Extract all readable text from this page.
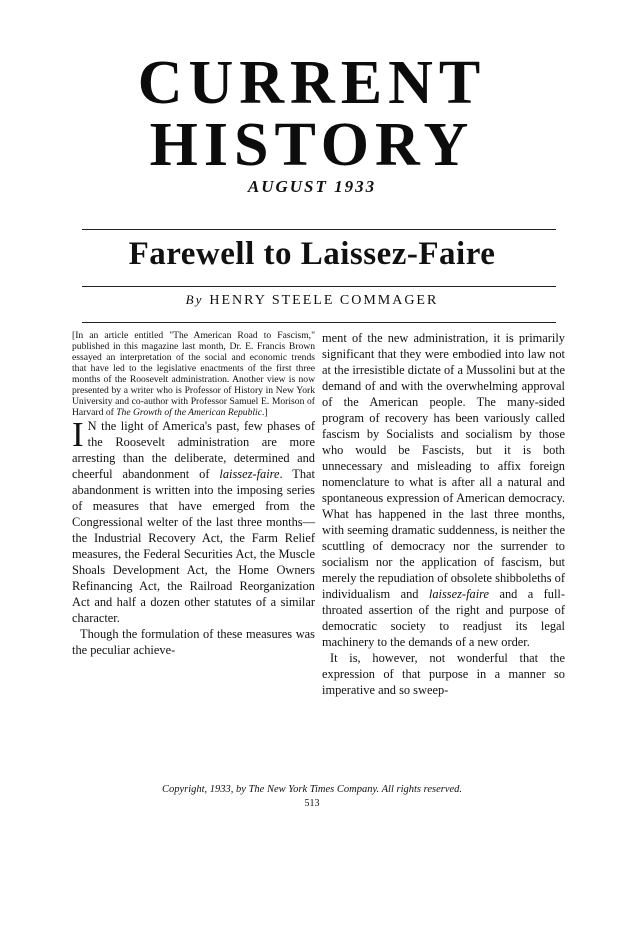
CURRENT
HISTORY
AUGUST 1933
Farewell to Laissez-Faire
By HENRY STEELE COMMAGER

[In an article entitled "The American Road to Fascism," published in this magazine last month, Dr. E. Francis Brown essayed an interpretation of the social and economic trends that have led to the legislative enactments of the first three months of the Roosevelt administration. Another view is now presented by a writer who is Professor of History in New York University and co-author with Professor Samuel E. Morison of Harvard of The Growth of the American Republic.]

I N the light of America's past, few phases of the Roosevelt administration are more arresting than the deliberate, determined and cheerful abandonment of laissez-faire. That abandonment is written into the imposing series of measures that have emerged from the Congressional welter of the last three months—the Industrial Recovery Act, the Farm Relief measures, the Federal Securities Act, the Muscle Shoals Development Act, the Home Owners Refinancing Act, the Railroad Reorganization Act and half a dozen other statutes of a similar character.

Though the formulation of these measures was the peculiar achieve-

ment of the new administration, it is primarily significant that they were embodied into law not at the irresistible dictate of a Mussolini but at the demand of and with the overwhelming approval of the American people. The many-sided program of recovery has been variously called fascism by Socialists and socialism by those who would be Fascists, but it is both unnecessary and misleading to affix foreign nomenclature to what is after all a natural and spontaneous expression of American democracy. What has happened in the last three months, with seeming dramatic suddenness, is neither the scuttling of democracy nor the surrender to socialism nor the application of fascism, but merely the repudiation of obsolete shibboleths of individualism and laissez-faire and a full-throated assertion of the right and purpose of democratic society to readjust its legal machinery to the demands of a new order.

It is, however, not wonderful that the expression of that purpose in a manner so imperative and so sweep-

Copyright, 1933, by The New York Times Company. All rights reserved.
513
